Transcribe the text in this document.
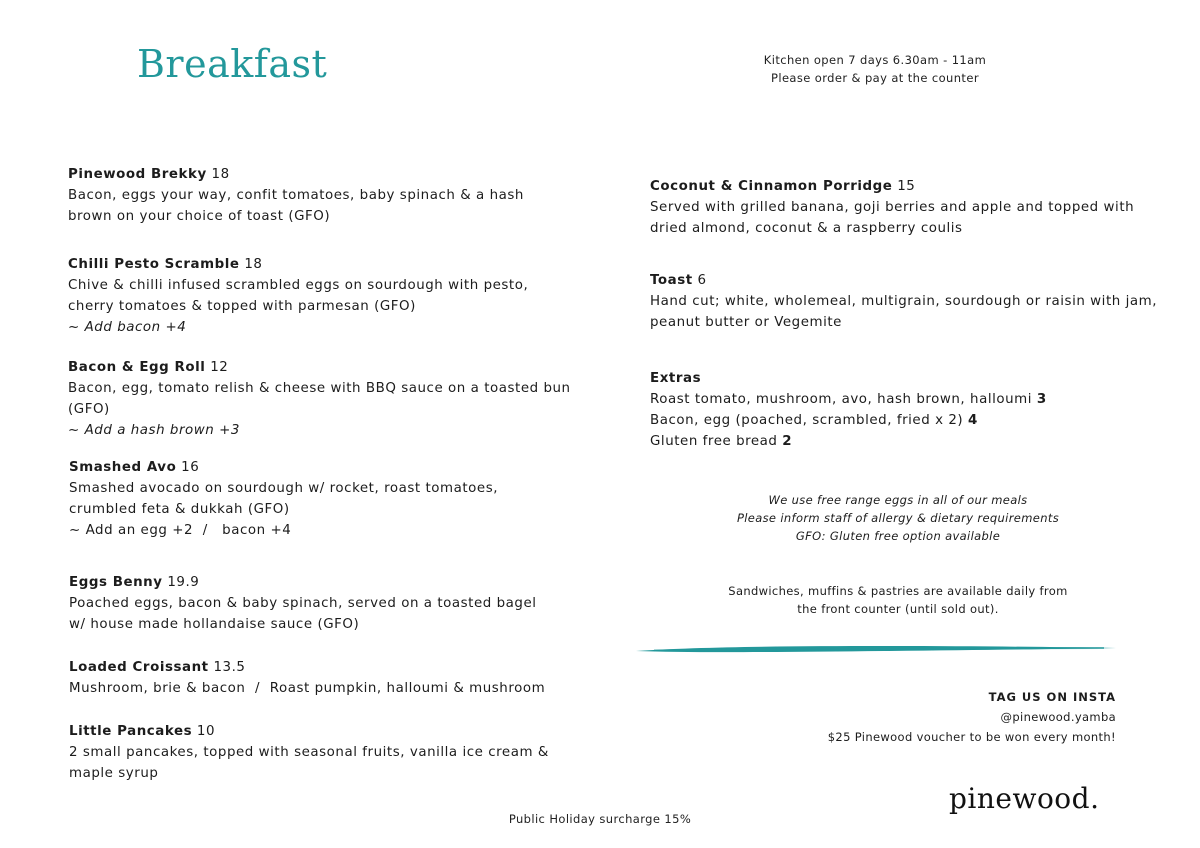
Breakfast	Kitchen open 7 days 6.30am - 11am
Please order & pay at the counter
Pinewood Brekky 18
Bacon, eggs your way, confit tomatoes, baby spinach & a hash
brown on your choice of toast (GFO)
Chilli Pesto Scramble 18
Chive & chilli infused scrambled eggs on sourdough with pesto,
cherry tomatoes & topped with parmesan (GFO)
~ Add bacon +4
Bacon & Egg Roll 12
Bacon, egg, tomato relish & cheese with BBQ sauce on a toasted bun
(GFO)
~ Add a hash brown +3
Smashed Avo 16
Smashed avocado on sourdough w/ rocket, roast tomatoes,
crumbled feta & dukkah (GFO)
~ Add an egg +2  /   bacon +4
Eggs Benny 19.9
Poached eggs, bacon & baby spinach, served on a toasted bagel
w/ house made hollandaise sauce (GFO)
Loaded Croissant 13.5
Mushroom, brie & bacon  /  Roast pumpkin, halloumi & mushroom
Little Pancakes 10
2 small pancakes, topped with seasonal fruits, vanilla ice cream &
maple syrup
Coconut & Cinnamon Porridge 15
Served with grilled banana, goji berries and apple and topped with
dried almond, coconut & a raspberry coulis
Toast 6
Hand cut; white, wholemeal, multigrain, sourdough or raisin with jam,
peanut butter or Vegemite
Extras
Roast tomato, mushroom, avo, hash brown, halloumi 3
Bacon, egg (poached, scrambled, fried x 2) 4
Gluten free bread 2
We use free range eggs in all of our meals
Please inform staff of allergy & dietary requirements
GFO: Gluten free option available
Sandwiches, muffins & pastries are available daily from
the front counter (until sold out).
TAG US ON INSTA
@pinewood.yamba
$25 Pinewood voucher to be won every month!

pinewood.

Public Holiday surcharge 15%
